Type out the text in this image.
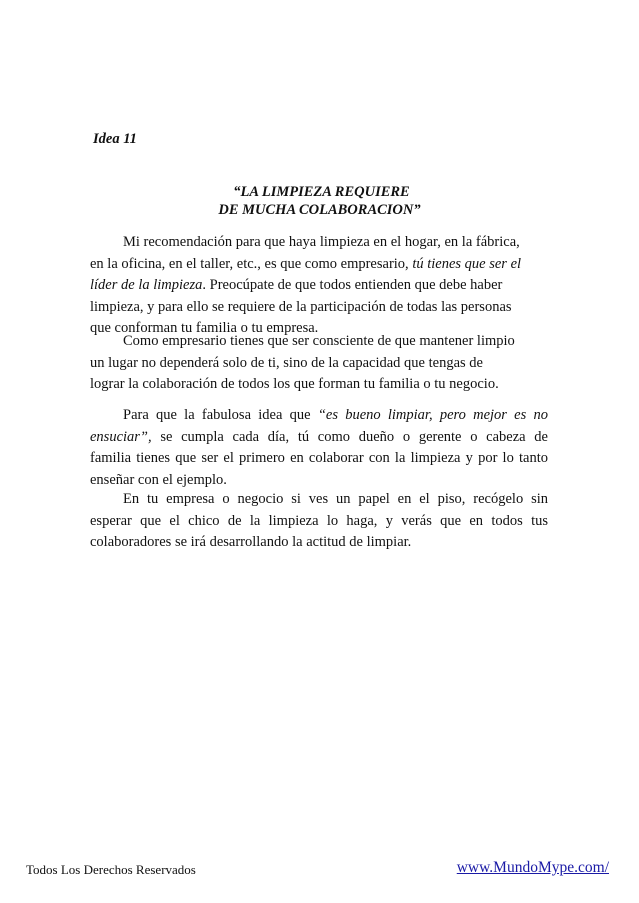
Idea 11
“LA LIMPIEZA REQUIERE
DE MUCHA COLABORACION”
Mi recomendación para que haya limpieza en el hogar, en la fábrica,
en la oficina, en el taller, etc., es que como empresario, tú tienes que ser el
líder de la limpieza. Preocúpate de que todos entienden que debe haber
limpieza, y para ello se requiere de la participación de todas las personas
que conforman tu familia o tu empresa.
Como empresario tienes que ser consciente de que mantener limpio
un lugar no dependerá solo de ti, sino de la capacidad que tengas de
lograr la colaboración de todos los que forman tu familia o tu negocio.
Para que la fabulosa idea que “es bueno limpiar, pero mejor es no
ensuciar”, se cumpla cada día, tú como dueño o gerente o cabeza de
familia tienes que ser el primero en colaborar con la limpieza y por lo tanto
enseñar con el ejemplo.
En tu empresa o negocio si ves un papel en el piso, recógelo sin
esperar que el chico de la limpieza lo haga, y verás que en todos tus
colaboradores se irá desarrollando la actitud de limpiar.
Todos Los Derechos Reservados	www.MundoMype.com/
